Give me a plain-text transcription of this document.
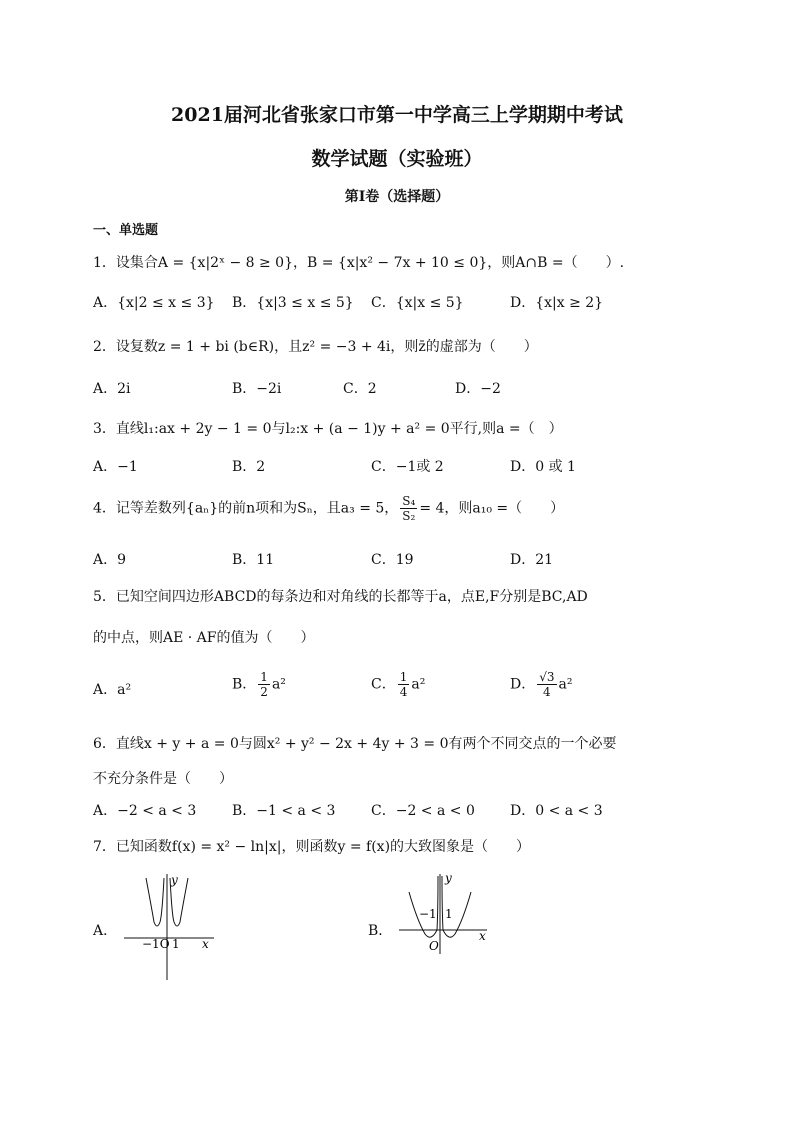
2021届河北省张家口市第一中学高三上学期期中考试
数学试题（实验班）
第Ⅰ卷（选择题）
一、单选题
1．设集合A = {x|2ˣ − 8 ≥ 0}，B = {x|x² − 7x + 10 ≤ 0}，则A∩B =（　　）.
A．{x|2 ≤ x ≤ 3} B．{x|3 ≤ x ≤ 5} C．{x|x ≤ 5}	D．{x|x ≥ 2}
2．设复数z = 1 + bi (b∈R)，且z² = −3 + 4i，则z̄的虚部为（　　）
A．2i	B．−2i	C．2	D．−2
3．直线l₁:ax + 2y − 1 = 0与l₂:x + (a − 1)y + a² = 0平行,则a =（　）
A．−1	B．2	C．−1或 2	D．0 或 1
4．记等差数列{aₙ}的前n项和为Sₙ，且a₃ = 5， $\frac{\text{S₄}}{\text{S₂}} = 4$，则a₁₀ =（　　）
A．9	B．11	C．19	D．21
5．已知空间四边形ABCD的每条边和对角线的长都等于a，点E,F分别是BC,AD
的中点，则AE · AF的值为（　　）
A．a²	B． $\frac{1}{2} a^2$	C． $\frac{1}{4} a^2$	D． $\frac{√3}{4} a^2$
6．直线x + y + a = 0与圆x² + y² − 2x + 4y + 3 = 0有两个不同交点的一个必要
不充分条件是（　　）
A．−2 < a < 3	B．−1 < a < 3	C．−2 < a < 0	D．0 < a < 3
7．已知函数f(x) = x² − ln|x|，则函数y = f(x)的大致图象是（　　）
A．
−1O 1 x
y
B．
−1 1
O
x
y
